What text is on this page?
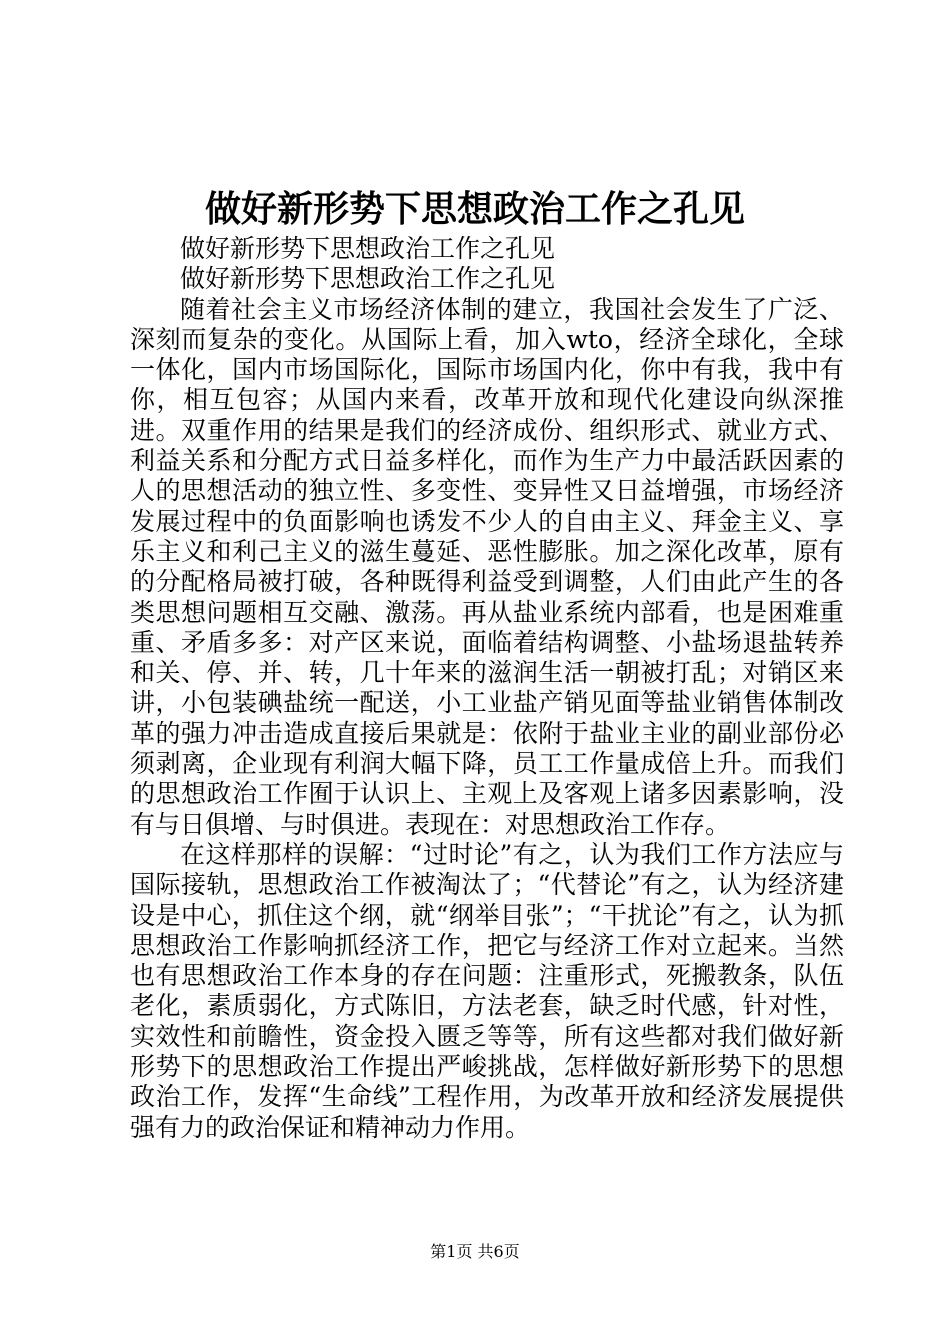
做好新形势下思想政治工作之孔见

做好新形势下思想政治工作之孔见

做好新形势下思想政治工作之孔见

随着社会主义市场经济体制的建立，我国社会发生了广泛、深刻而复杂的变化。从国际上看，加入wto，经济全球化，全球一体化，国内市场国际化，国际市场国内化，你中有我，我中有你，相互包容；从国内来看，改革开放和现代化建设向纵深推进。双重作用的结果是我们的经济成份、组织形式、就业方式、利益关系和分配方式日益多样化，而作为生产力中最活跃因素的人的思想活动的独立性、多变性、变异性又日益增强，市场经济发展过程中的负面影响也诱发不少人的自由主义、拜金主义、享乐主义和利己主义的滋生蔓延、恶性膨胀。加之深化改革，原有的分配格局被打破，各种既得利益受到调整，人们由此产生的各类思想问题相互交融、激荡。再从盐业系统内部看，也是困难重重、矛盾多多：对产区来说，面临着结构调整、小盐场退盐转养和关、停、并、转，几十年来的滋润生活一朝被打乱；对销区来讲，小包装碘盐统一配送，小工业盐产销见面等盐业销售体制改革的强力冲击造成直接后果就是：依附于盐业主业的副业部份必须剥离，企业现有利润大幅下降，员工工作量成倍上升。而我们的思想政治工作囿于认识上、主观上及客观上诸多因素影响，没有与日俱增、与时俱进。表现在：对思想政治工作存。

在这样那样的误解：“过时论”有之，认为我们工作方法应与国际接轨，思想政治工作被淘汰了；“代替论”有之，认为经济建设是中心，抓住这个纲，就“纲举目张”；“干扰论”有之，认为抓思想政治工作影响抓经济工作，把它与经济工作对立起来。当然也有思想政治工作本身的存在问题：注重形式，死搬教条，队伍老化，素质弱化，方式陈旧，方法老套，缺乏时代感，针对性，实效性和前瞻性，资金投入匮乏等等，所有这些都对我们做好新形势下的思想政治工作提出严峻挑战，怎样做好新形势下的思想政治工作，发挥“生命线”工程作用，为改革开放和经济发展提供强有力的政治保证和精神动力作用。

第1页 共6页
